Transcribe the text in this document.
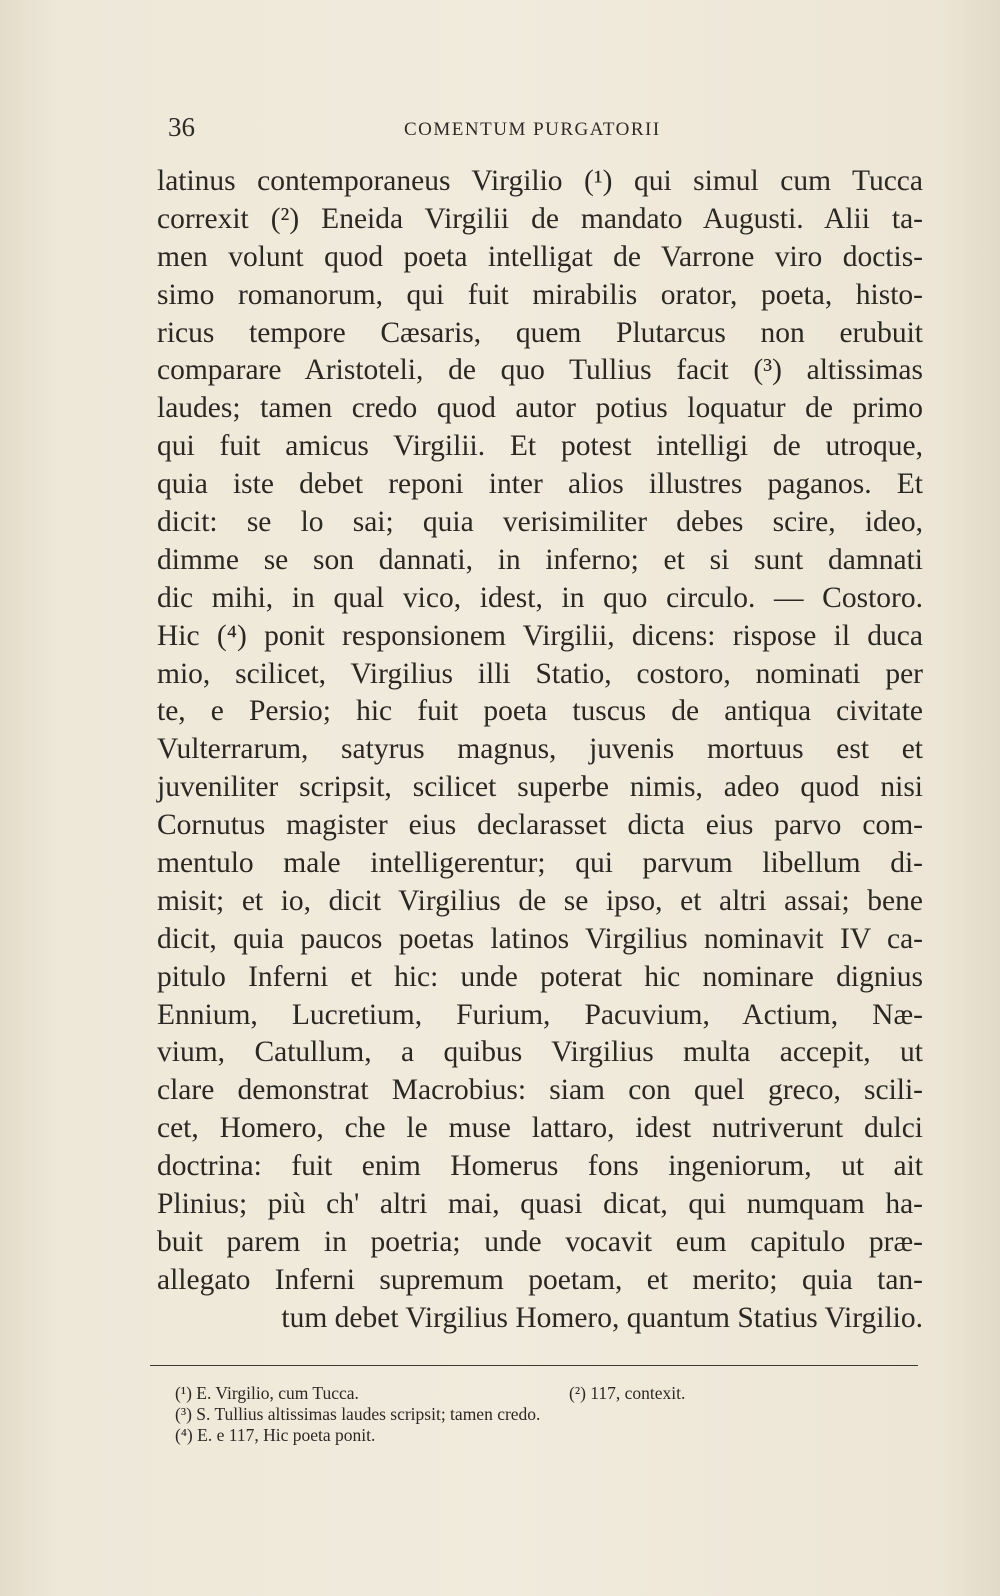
36	COMENTUM PURGATORII
latinus contemporaneus Virgilio (¹) qui simul cum Tucca
correxit (²) Eneida Virgilii de mandato Augusti. Alii ta-
men volunt quod poeta intelligat de Varrone viro doctis-
simo romanorum, qui fuit mirabilis orator, poeta, histo-
ricus tempore Cæsaris, quem Plutarcus non erubuit
comparare Aristoteli, de quo Tullius facit (³) altissimas
laudes; tamen credo quod autor potius loquatur de primo
qui fuit amicus Virgilii. Et potest intelligi de utroque,
quia iste debet reponi inter alios illustres paganos. Et
dicit: se lo sai; quia verisimiliter debes scire, ideo,
dimme se son dannati, in inferno; et si sunt damnati
dic mihi, in qual vico, idest, in quo circulo. — Costoro.
Hic (⁴) ponit responsionem Virgilii, dicens: rispose il duca
mio, scilicet, Virgilius illi Statio, costoro, nominati per
te, e Persio; hic fuit poeta tuscus de antiqua civitate
Vulterrarum, satyrus magnus, juvenis mortuus est et
juveniliter scripsit, scilicet superbe nimis, adeo quod nisi
Cornutus magister eius declarasset dicta eius parvo com-
mentulo male intelligerentur; qui parvum libellum di-
misit; et io, dicit Virgilius de se ipso, et altri assai; bene
dicit, quia paucos poetas latinos Virgilius nominavit IV ca-
pitulo Inferni et hic: unde poterat hic nominare dignius
Ennium, Lucretium, Furium, Pacuvium, Actium, Næ-
vium, Catullum, a quibus Virgilius multa accepit, ut
clare demonstrat Macrobius: siam con quel greco, scili-
cet, Homero, che le muse lattaro, idest nutriverunt dulci
doctrina: fuit enim Homerus fons ingeniorum, ut ait
Plinius; più ch' altri mai, quasi dicat, qui numquam ha-
buit parem in poetria; unde vocavit eum capitulo præ-
allegato Inferni supremum poetam, et merito; quia tan-
tum debet Virgilius Homero, quantum Statius Virgilio.
(¹) E. Virgilio, cum Tucca.	(²) 117, contexit.
(³) S. Tullius altissimas laudes scripsit; tamen credo.
(⁴) E. e 117, Hic poeta ponit.
